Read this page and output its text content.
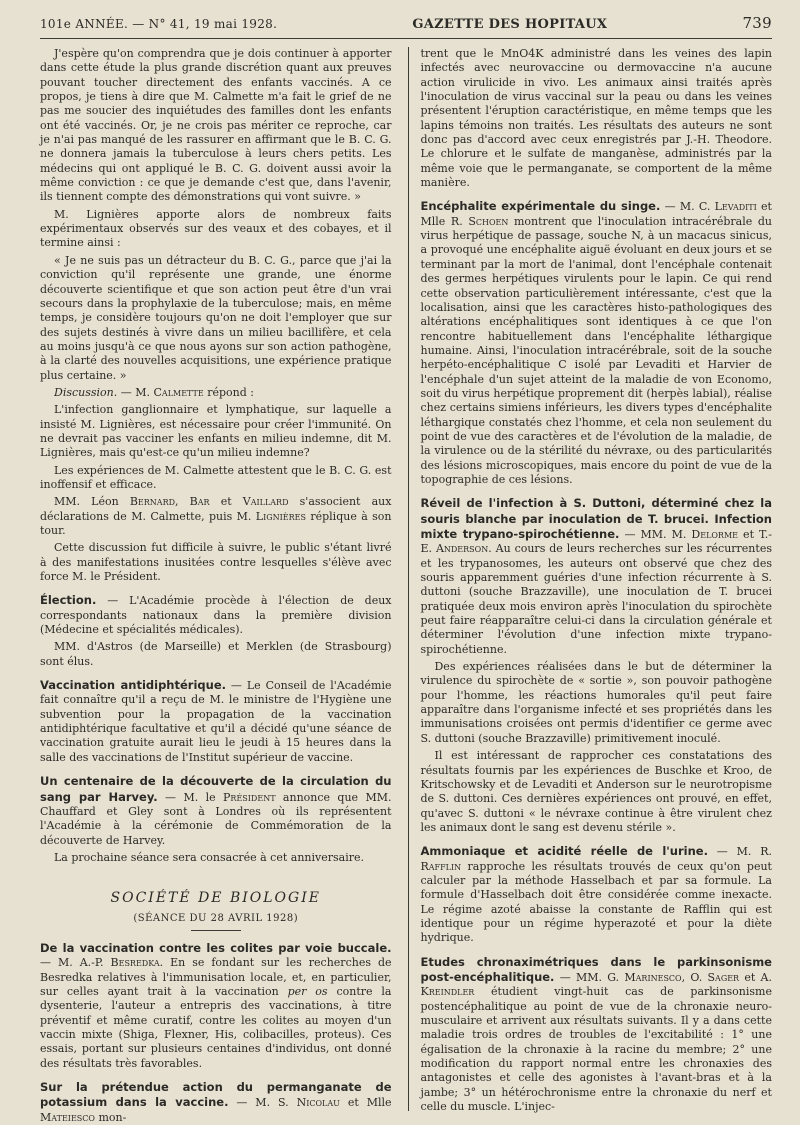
101e ANNÉE. — N° 41, 19 mai 1928.	GAZETTE DES HOPITAUX	739

J'espère qu'on comprendra que je dois continuer à apporter dans cette étude la plus grande discrétion quant aux preuves pouvant toucher directement des enfants vaccinés. A ce propos, je tiens à dire que M. Calmette m'a fait le grief de ne pas me soucier des inquiétudes des familles dont les enfants ont été vaccinés. Or, je ne crois pas mériter ce reproche, car je n'ai pas manqué de les rassurer en affirmant que le B. C. G. ne donnera jamais la tuberculose à leurs chers petits. Les médecins qui ont appliqué le B. C. G. doivent aussi avoir la même conviction : ce que je demande c'est que, dans l'avenir, ils tiennent compte des démonstrations qui vont suivre. »

M. Lignières apporte alors de nombreux faits expérimentaux observés sur des veaux et des cobayes, et il termine ainsi :

« Je ne suis pas un détracteur du B. C. G., parce que j'ai la conviction qu'il représente une grande, une énorme découverte scientifique et que son action peut être d'un vrai secours dans la prophylaxie de la tuberculose; mais, en même temps, je considère toujours qu'on ne doit l'employer que sur des sujets destinés à vivre dans un milieu bacillifère, et cela au moins jusqu'à ce que nous ayons sur son action pathogène, à la clarté des nouvelles acquisitions, une expérience pratique plus certaine. »

Discussion. — M. Calmette répond :

L'infection ganglionnaire et lymphatique, sur laquelle a insisté M. Lignières, est nécessaire pour créer l'immunité. On ne devrait pas vacciner les enfants en milieu indemne, dit M. Lignières, mais qu'est-ce qu'un milieu indemne?

Les expériences de M. Calmette attestent que le B. C. G. est inoffensif et efficace.

MM. Léon Bernard, Bar et Vaillard s'associent aux déclarations de M. Calmette, puis M. Lignières réplique à son tour.

Cette discussion fut difficile à suivre, le public s'étant livré à des manifestations inusitées contre lesquelles s'élève avec force M. le Président.

Élection. — L'Académie procède à l'élection de deux correspondants nationaux dans la première division (Médecine et spécialités médicales).

MM. d'Astros (de Marseille) et Merklen (de Strasbourg) sont élus.

Vaccination antidiphtérique. — Le Conseil de l'Académie fait connaître qu'il a reçu de M. le ministre de l'Hygiène une subvention pour la propagation de la vaccination antidiphtérique facultative et qu'il a décidé qu'une séance de vaccination gratuite aurait lieu le jeudi à 15 heures dans la salle des vaccinations de l'Institut supérieur de vaccine.

Un centenaire de la découverte de la circulation du sang par Harvey. — M. le Président annonce que MM. Chauffard et Gley sont à Londres où ils représentent l'Académie à la cérémonie de Commémoration de la découverte de Harvey.

La prochaine séance sera consacrée à cet anniversaire.

SOCIÉTÉ DE BIOLOGIE
(SÉANCE DU 28 AVRIL 1928)

De la vaccination contre les colites par voie buccale. — M. A.-P. Besredka. En se fondant sur les recherches de Besredka relatives à l'immunisation locale, et, en particulier, sur celles ayant trait à la vaccination per os contre la dysenterie, l'auteur a entrepris des vaccinations, à titre préventif et même curatif, contre les colites au moyen d'un vaccin mixte (Shiga, Flexner, His, colibacilles, proteus). Ces essais, portant sur plusieurs centaines d'individus, ont donné des résultats très favorables.

Sur la prétendue action du permanganate de potassium dans la vaccine. — M. S. Nicolau et Mlle Mateiesco mon-

trent que le MnO4K administré dans les veines des lapin infectés avec neurovaccine ou dermovaccine n'a aucune action virulicide in vivo. Les animaux ainsi traités après l'inoculation de virus vaccinal sur la peau ou dans les veines présentent l'éruption caractéristique, en même temps que les lapins témoins non traités. Les résultats des auteurs ne sont donc pas d'accord avec ceux enregistrés par J.-H. Theodore. Le chlorure et le sulfate de manganèse, administrés par la même voie que le permanganate, se comportent de la même manière.

Encéphalite expérimentale du singe. — M. C. Levaditi et Mlle R. Schoen montrent que l'inoculation intracérébrale du virus herpétique de passage, souche N, à un macacus sinicus, a provoqué une encéphalite aiguë évoluant en deux jours et se terminant par la mort de l'animal, dont l'encéphale contenait des germes herpétiques virulents pour le lapin. Ce qui rend cette observation particulièrement intéressante, c'est que la localisation, ainsi que les caractères histo-pathologiques des altérations encéphalitiques sont identiques à ce que l'on rencontre habituellement dans l'encéphalite léthargique humaine. Ainsi, l'inoculation intracérébrale, soit de la souche herpéto-encéphalitique C isolé par Levaditi et Harvier de l'encéphale d'un sujet atteint de la maladie de von Economo, soit du virus herpétique proprement dit (herpès labial), réalise chez certains simiens inférieurs, les divers types d'encéphalite léthargique constatés chez l'homme, et cela non seulement du point de vue des caractères et de l'évolution de la maladie, de la virulence ou de la stérilité du névraxe, ou des particularités des lésions microscopiques, mais encore du point de vue de la topographie de ces lésions.

Réveil de l'infection à S. Duttoni, déterminé chez la souris blanche par inoculation de T. brucei. Infection mixte trypano-spirochétienne. — MM. M. Delorme et T.-E. Anderson. Au cours de leurs recherches sur les récurrentes et les trypanosomes, les auteurs ont observé que chez des souris apparemment guéries d'une infection récurrente à S. duttoni (souche Brazzaville), une inoculation de T. brucei pratiquée deux mois environ après l'inoculation du spirochète peut faire réapparaître celui-ci dans la circulation générale et déterminer l'évolution d'une infection mixte trypano-spirochétienne.

Des expériences réalisées dans le but de déterminer la virulence du spirochète de « sortie », son pouvoir pathogène pour l'homme, les réactions humorales qu'il peut faire apparaître dans l'organisme infecté et ses propriétés dans les immunisations croisées ont permis d'identifier ce germe avec S. duttoni (souche Brazzaville) primitivement inoculé.

Il est intéressant de rapprocher ces constatations des résultats fournis par les expériences de Buschke et Kroo, de Kritschowsky et de Levaditi et Anderson sur le neurotropisme de S. duttoni. Ces dernières expériences ont prouvé, en effet, qu'avec S. duttoni « le névraxe continue à être virulent chez les animaux dont le sang est devenu stérile ».

Ammoniaque et acidité réelle de l'urine. — M. R. Rafflin rapproche les résultats trouvés de ceux qu'on peut calculer par la méthode Hasselbach et par sa formule. La formule d'Hasselbach doit être considérée comme inexacte. Le régime azoté abaisse la constante de Rafflin qui est identique pour un régime hyperazoté et pour la diète hydrique.

Etudes chronaximétriques dans le parkinsonisme post-encéphalitique. — MM. G. Marinesco, O. Sager et A. Kreindler étudient vingt-huit cas de parkinsonisme postencéphalitique au point de vue de la chronaxie neuro-musculaire et arrivent aux résultats suivants. Il y a dans cette maladie trois ordres de troubles de l'excitabilité : 1° une égalisation de la chronaxie à la racine du membre; 2° une modification du rapport normal entre les chronaxies des antagonistes et celle des agonistes à l'avant-bras et à la jambe; 3° un hétérochronisme entre la chronaxie du nerf et celle du muscle. L'injec-
